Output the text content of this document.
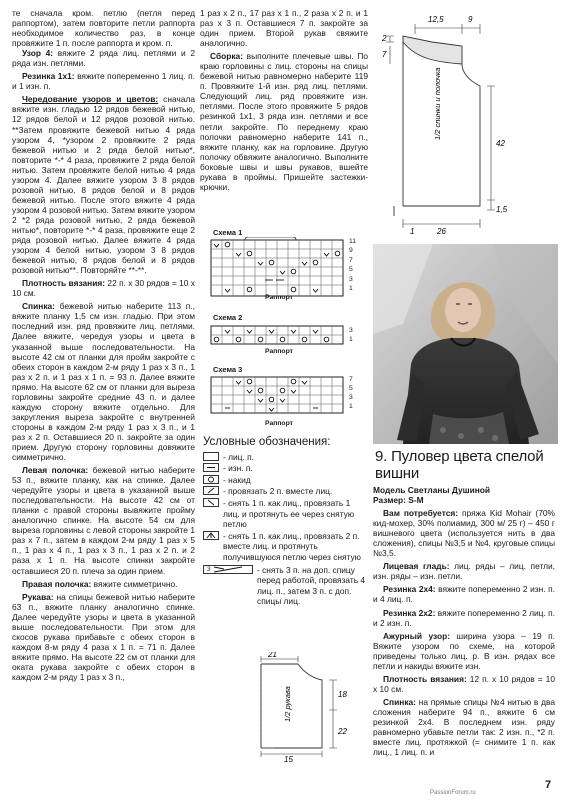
те сначала кром. петлю (петля перед раппортом), затем повторите петли раппорта необходимое количество раз, в конце провяжите 1 п. после раппорта и кром. п.

Узор 4: вяжите 2 ряда лиц. петлями и 2 ряда изн. петлями.

Резинка 1x1: вяжите попеременно 1 лиц. п. и 1 изн. п.

Чередование узоров и цветов: сначала вяжите изн. гладью 12 рядов бежевой нитью, 12 рядов белой и 12 рядов розовой нитью. **Затем провяжите бежевой нитью 4 ряда узором 4, *узором 2 провяжите 2 ряда бежевой нитью и 2 ряда белой нитью*, повторите *-* 4 раза, провяжите 2 ряда белой нитью. Затем провяжите белой нитью 4 ряда узором 4. Далее вяжите узором 3 8 рядов розовой нитью, 8 рядов белой и 8 рядов бежевой нитью. После этого вяжите 4 ряда узором 4 розовой нитью. Затем вяжите узором 2 *2 ряда розовой нитью, 2 ряда бежевой нитью*, повторите *-* 4 раза, провяжите еще 2 ряда розовой нитью. Далее вяжите 4 ряда узором 4 белой нитью, узором 3 8 рядов бежевой нитью, 8 рядов белой и 8 рядов розовой нитью**. Повторяйте **-**.

Плотность вязания: 22 п. х 30 рядов = 10 х 10 см.

Спинка: бежевой нитью наберите 113 п., вяжите планку 1,5 см изн. гладью. При этом последний изн. ряд провяжите лиц. петлями. Далее вяжите, чередуя узоры и цвета в указанной выше последовательности. На высоте 42 см от планки для пройм закройте с обеих сторон в каждом 2-м ряду 1 раз х 3 п., 1 раз х 2 п. и 1 раз х 1 п. = 93 п. Далее вяжите прямо. На высоте 62 см от планки для выреза горловины закройте средние 43 п. и далее каждую сторону вяжите отдельно. Для закругления выреза закройте с внутренней стороны в каждом 2-м ряду 1 раз х 3 п., и 1 раз х 2 п. Оставшиеся 20 п. закройте за один прием. Другую сторону горловины довяжите симметрично.

Левая полочка: бежевой нитью наберите 53 п., вяжите планку, как на спинке. Далее чередуйте узоры и цвета в указанной выше последовательности. На высоте 42 см от планки с правой стороны вывяжите пройму аналогично спинке. На высоте 54 см для выреза горловины с левой стороны закройте 1 раз х 7 п., затем в каждом 2-м ряду 1 раз х 5 п., 1 раз х 4 п., 1 раз х 3 п., 1 раз х 2 п. и 2 раза х 1 п. На высоте спинки закройте оставшиеся 20 п. плеча за один прием.

Правая полочка: вяжите симметрично.

Рукава: на спицы бежевой нитью наберите 63 п., вяжите планку аналогично спинке. Далее чередуйте узоры и цвета в указанной выше последовательности. При этом для скосов рукава прибавьте с обеих сторон в каждом 8-м ряду 4 раза х 1 п. = 71 п. Далее вяжите прямо. На высоте 22 см от планки для оката рукава закройте с обеих сторон в каждом 2-м ряду 1 раз х 3 п.,

1 раз х 2 п., 17 раз х 1 п., 2 раза х 2 п. и 1 раз х 3 п. Оставшиеся 7 п. закройте за один прием. Второй рукав свяжите аналогично.

Сборка: выполните плечевые швы. По краю горловины с лиц. стороны на спицы бежевой нитью равномерно наберите 119 п. Провяжите 1-й изн. ряд лиц. петлями. Следующий лиц. ряд провяжите изн. петлями. После этого провяжите 5 рядов резинкой 1x1, 3 ряда изн. петлями и все петли закройте. По переднему краю полочки равномерно наберите 141 п., вяжите планку, как на горловине. Другую полочку обвяжите аналогично. Выполните боковые швы и швы рукавов, вшейте рукава в проймы. Пришейте застежки-крючки.

Схема 1
11
9
7
5
3
1
Раппорт
Схема 2
3
1
Раппорт
Схема 3
7
5
3
1
Раппорт
Условные обозначения:
- лиц. п.
- изн. п.
- накид
- провязать 2 п. вместе лиц.
- снять 1 п. как лиц., провязать 1 лиц. и протянуть ее через снятую петлю
- снять 1 п. как лиц., провязать 2 п. вместе лиц. и протянуть получившуюся петлю через снятую
3	- снять 3 п. на доп. спицу перед работой, провязать 4 лиц. п., затем 3 п. с доп. спицы лиц.
12,5	9
2
7
42
1,5
1	26
1/2 спинки и полочка
9. Пуловер цвета спелой вишни

Модель Светланы Душиной

Размер: S-M

Вам потребуется: пряжа Kid Mohair (70% кид-мохер, 30% полиамид, 300 м/ 25 г) – 450 г вишневого цвета (используется нить в два сложения), спицы №3,5 и №4, круговые спицы №3,5.

Лицевая гладь: лиц. ряды – лиц. петли, изн. ряды – изн. петли.

Резинка 2x4: вяжите попеременно 2 изн. п. и 4 лиц. п.

Резинка 2x2: вяжите попеременно 2 лиц. п. и 2 изн. п.

Ажурный узор: ширина узора – 19 п. Вяжите узором по схеме, на которой приведены только лиц. р. В изн. рядах все петли и накиды вяжите изн.

Плотность вязания: 12 п. х 10 рядов = 10 х 10 см.

Спинка: на прямые спицы №4 нитью в два сложения наберите 94 п., вяжите 6 см резинкой 2x4. В последнем изн. ряду равномерно убавьте петли так: 2 изн. п., *2 п. вместе лиц. протяжкой (= снимите 1 п. как лиц., 1 лиц. п. и

21
18
22
15
1/2 рукава
7
PassionForum.ru
